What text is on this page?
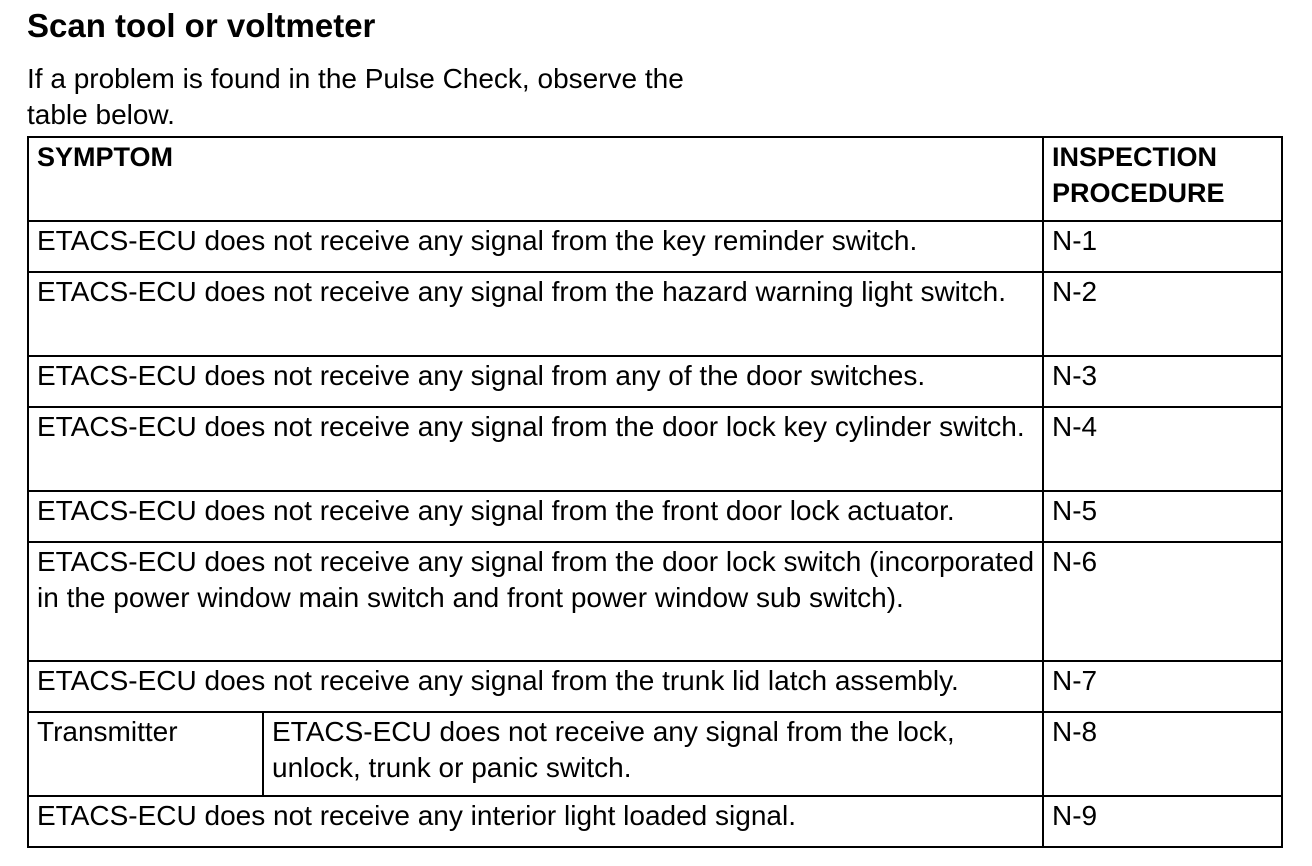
Scan tool or voltmeter

If a problem is found in the Pulse Check, observe the
table below.

SYMPTOM		INSPECTION
PROCEDURE
ETACS-ECU does not receive any signal from the key reminder switch.		N-1
ETACS-ECU does not receive any signal from the hazard warning light switch.		N-2
ETACS-ECU does not receive any signal from any of the door switches.		N-3
ETACS-ECU does not receive any signal from the door lock key cylinder switch.		N-4
ETACS-ECU does not receive any signal from the front door lock actuator.		N-5
ETACS-ECU does not receive any signal from the door lock switch (incorporated in the power window main switch and front power window sub switch).		N-6
ETACS-ECU does not receive any signal from the trunk lid latch assembly.		N-7
Transmitter	ETACS-ECU does not receive any signal from the lock, unlock, trunk or panic switch.	N-8
ETACS-ECU does not receive any interior light loaded signal.		N-9
